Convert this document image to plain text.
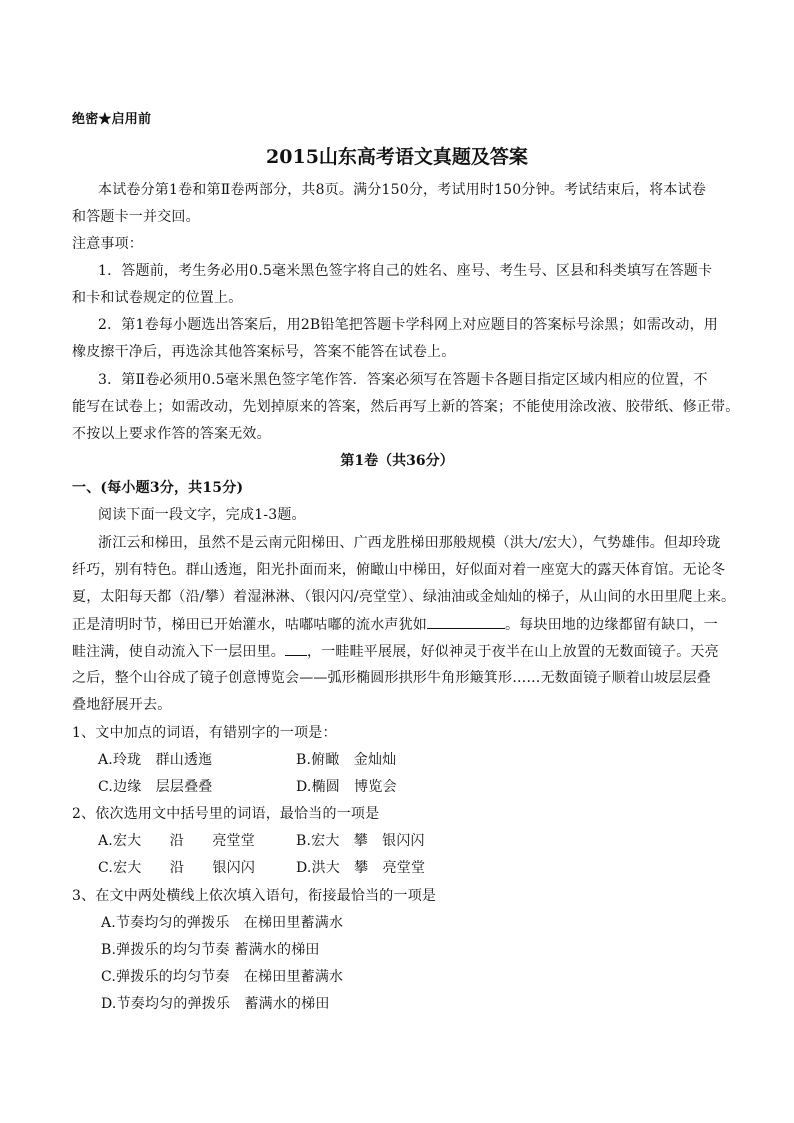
绝密★启用前
2015山东高考语文真题及答案
本试卷分第1卷和第Ⅱ卷两部分，共8页。满分150分，考试用时150分钟。考试结束后，将本试卷
和答题卡一并交回。
注意事项：
1．答题前，考生务必用0.5毫米黑色签字将自己的姓名、座号、考生号、区县和科类填写在答题卡
和卡和试卷规定的位置上。
2．第1卷每小题选出答案后，用2B铅笔把答题卡学科网上对应题目的答案标号涂黑；如需改动，用
橡皮擦干净后，再选涂其他答案标号，答案不能答在试卷上。
3．第Ⅱ卷必须用0.5毫米黑色签字笔作答．答案必须写在答题卡各题目指定区域内相应的位置，不
能写在试卷上；如需改动，先划掉原来的答案，然后再写上新的答案；不能使用涂改液、胶带纸、修正带。
不按以上要求作答的答案无效。
第1卷（共36分）
一、(每小题3分，共15分)
阅读下面一段文字，完成1-3题。
浙江云和梯田，虽然不是云南元阳梯田、广西龙胜梯田那般规模（洪大/宏大），气势雄伟。但却玲珑
纤巧，别有特色。群山透迤，阳光扑面而来，俯瞰山中梯田，好似面对着一座宽大的露天体育馆。无论冬
夏，太阳每天都（沿/攀）着湿淋淋、（银闪闪/亮堂堂）、绿油油或金灿灿的梯子，从山间的水田里爬上来。
正是清明时节，梯田已开始灌水，咕嘟咕嘟的流水声犹如	。每块田地的边缘都留有缺口，一
畦注满，使自动流入下一层田里。 ，一畦畦平展展，好似神灵于夜半在山上放置的无数面镜子。天亮
之后，整个山谷成了镜子创意博览会——弧形椭圆形拱形牛角形簸箕形……无数面镜子顺着山坡层层叠
叠地舒展开去。
1、文中加点的词语，有错别字的一项是：
A.玲珑　群山透迤	B.俯瞰　金灿灿
C.边缘　层层叠叠	D.椭圆　博览会
2、依次选用文中括号里的词语，最恰当的一项是
A.宏大　　沿　　亮堂堂	B.宏大　攀　银闪闪
C.宏大　　沿　　银闪闪	D.洪大　攀　亮堂堂
3、在文中两处横线上依次填入语句，衔接最恰当的一项是
A.节奏均匀的弹拨乐　在梯田里蓄满水
B.弹拨乐的均匀节奏 蓄满水的梯田
C.弹拨乐的均匀节奏　在梯田里蓄满水
D.节奏均匀的弹拨乐　蓄满水的梯田
